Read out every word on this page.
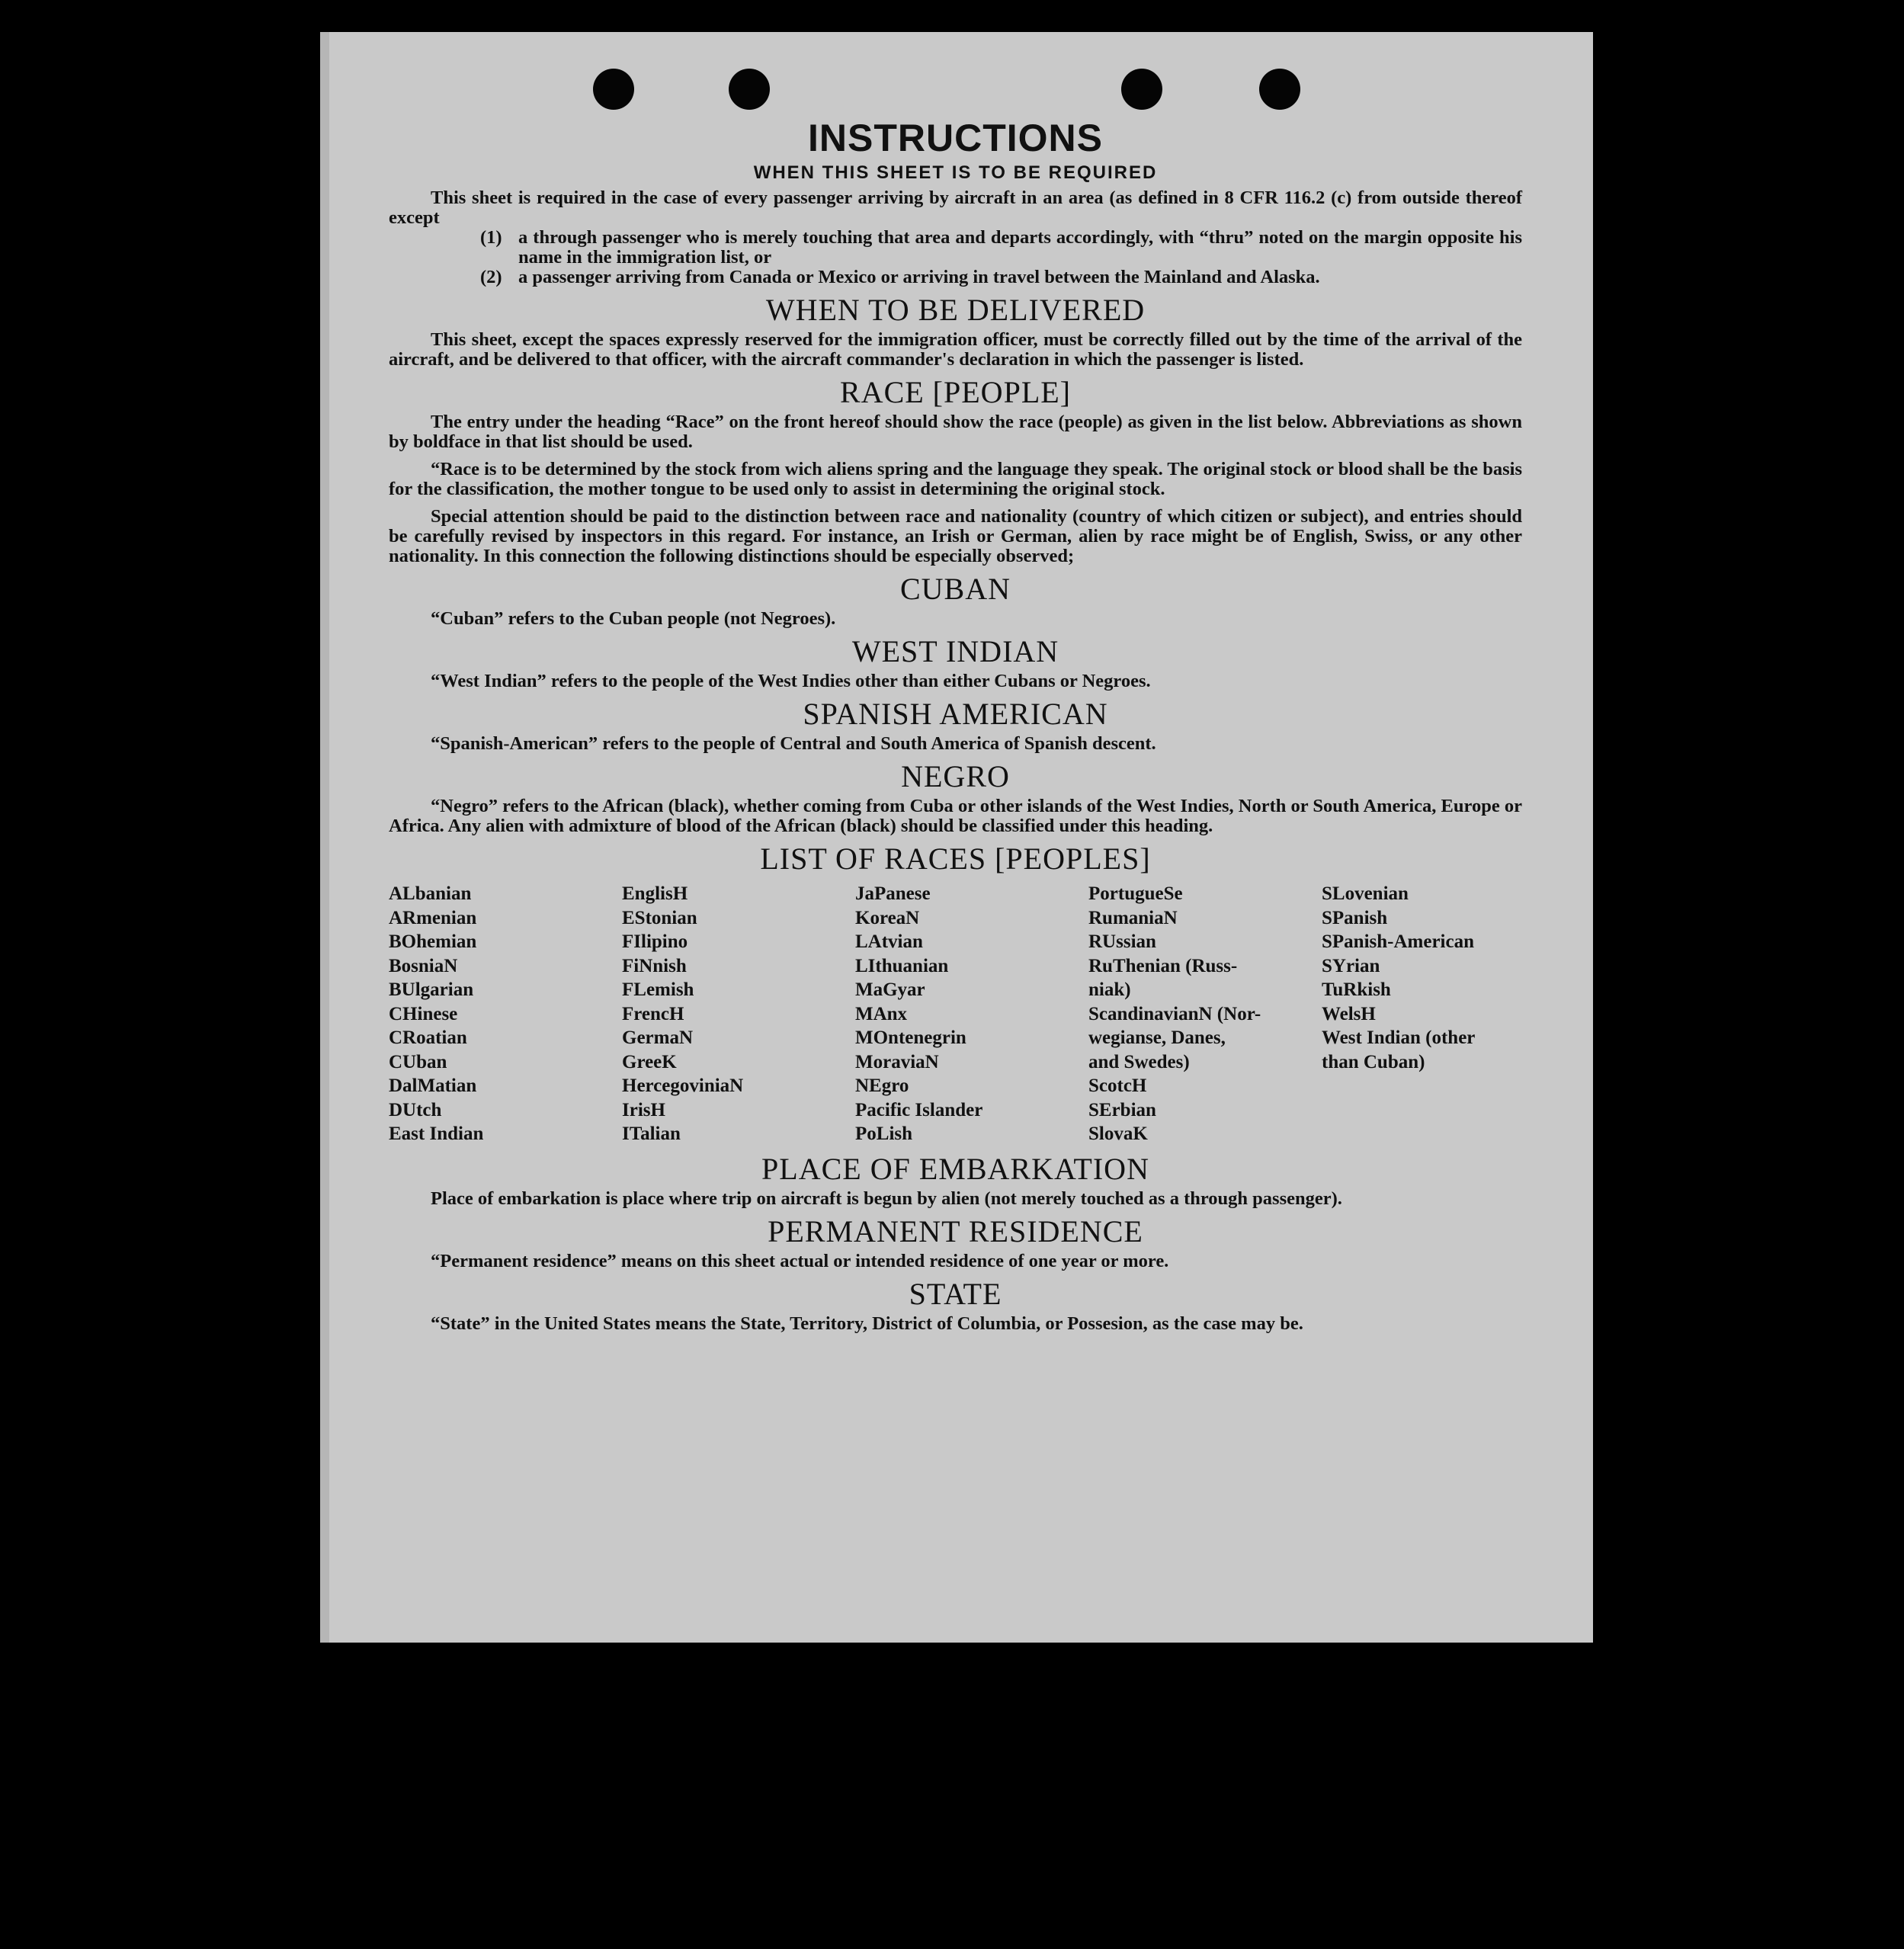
INSTRUCTIONS
WHEN THIS SHEET IS TO BE REQUIRED

This sheet is required in the case of every passenger arriving by aircraft in an area (as defined in 8 CFR 116.2 (c) from outside thereof except

(1) a through passenger who is merely touching that area and departs accordingly, with “thru” noted on the margin opposite his name in the immigration list, or
(2) a passenger arriving from Canada or Mexico or arriving in travel between the Mainland and Alaska.
WHEN TO BE DELIVERED

This sheet, except the spaces expressly reserved for the immigration officer, must be correctly filled out by the time of the arrival of the aircraft, and be delivered to that officer, with the aircraft commander's declaration in which the passenger is listed.

RACE [PEOPLE]

The entry under the heading “Race” on the front hereof should show the race (people) as given in the list below. Abbreviations as shown by boldface in that list should be used.

“Race is to be determined by the stock from wich aliens spring and the language they speak. The original stock or blood shall be the basis for the classification, the mother tongue to be used only to assist in determining the original stock.

Special attention should be paid to the distinction between race and nationality (country of which citizen or subject), and entries should be carefully revised by inspectors in this regard. For instance, an Irish or German, alien by race might be of English, Swiss, or any other nationality. In this connection the following distinctions should be especially observed;

CUBAN

“Cuban” refers to the Cuban people (not Negroes).

WEST INDIAN

“West Indian” refers to the people of the West Indies other than either Cubans or Negroes.

SPANISH AMERICAN

“Spanish-American” refers to the people of Central and South America of Spanish descent.

NEGRO

“Negro” refers to the African (black), whether coming from Cuba or other islands of the West Indies, North or South America, Europe or Africa. Any alien with admixture of blood of the African (black) should be classified under this heading.

LIST OF RACES [PEOPLES]
ALbanian
ARmenian
BOhemian
BosniaN
BUlgarian
CHinese
CRoatian
CUban
DalMatian
DUtch
East Indian
EnglisH
EStonian
FIlipino
FiNnish
FLemish
FrencH
GermaN
GreeK
HercegoviniaN
IrisH
ITalian
JaPanese
KoreaN
LAtvian
LIthuanian
MaGyar
MAnx
MOntenegrin
MoraviaN
NEgro
Pacific Islander
PoLish
PortugueSe
RumaniaN
RUssian
RuThenian (Russ-
niak)
ScandinavianN (Nor-
wegianse, Danes,
and Swedes)
ScotcH
SErbian
SlovaK
SLovenian
SPanish
SPanish-American
SYrian
TuRkish
WelsH
West Indian (other
than Cuban)
PLACE OF EMBARKATION

Place of embarkation is place where trip on aircraft is begun by alien (not merely touched as a through passenger).

PERMANENT RESIDENCE

“Permanent residence” means on this sheet actual or intended residence of one year or more.

STATE

“State” in the United States means the State, Territory, District of Columbia, or Possesion, as the case may be.
